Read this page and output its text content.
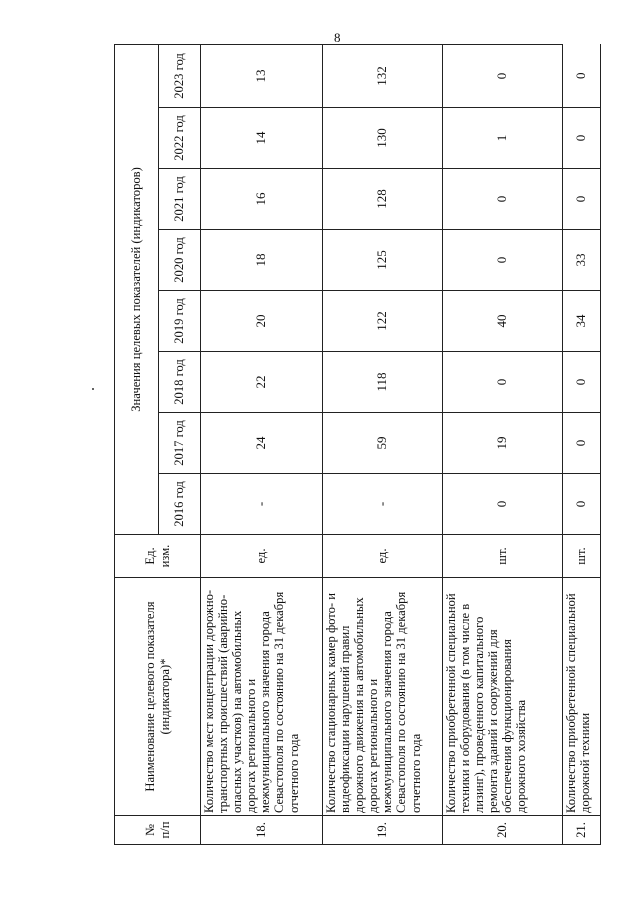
8
№ п/п	Наименование целевого показателя (индикатора)*	Ед. изм.	Значения целевых показателей (индикаторов)							
			2016 год	2017 год	2018 год	2019 год	2020 год	2021 год	2022 год	2023 год
18.	Количество мест концентрации дорожно-транспортных происшествий (аварийно-опасных участков) на автомобильных дорогах регионального и межмуниципального значения города Севастополя по состоянию на 31 декабря отчетного года	ед.	-	24	22	20	18	16	14	13
19.	Количество стационарных камер фото- и видеофиксации нарушений правил дорожного движения на автомобильных дорогах регионального и межмуниципального значения города Севастополя по состоянию на 31 декабря отчетного года	ед.	-	59	118	122	125	128	130	132
20.	Количество приобретенной специальной техники и оборудования (в том числе в лизинг), проведенного капитального ремонта зданий и сооружений для обеспечения функционирования дорожного хозяйства	шт.	0	19	0	40	0	0	1	0
21.	Количество приобретенной специальной дорожной техники	шт.	0	0	0	34	33	0	0	0
